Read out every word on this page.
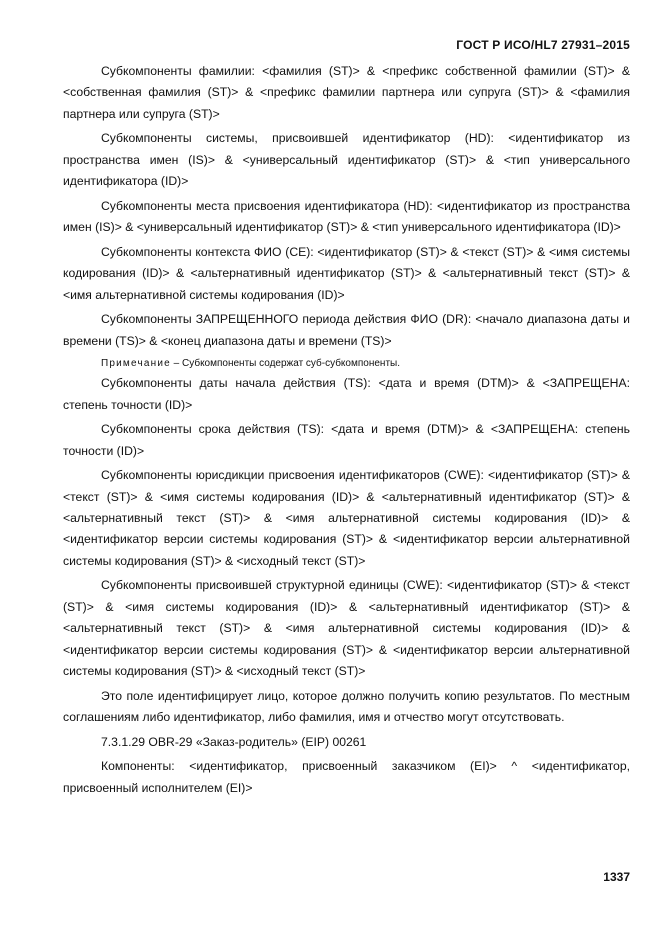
ГОСТ Р ИСО/HL7 27931–2015

Субкомпоненты фамилии: <фамилия (ST)> & <префикс собственной фамилии (ST)> & <собственная фамилия (ST)> & <префикс фамилии партнера или супруга (ST)> & <фамилия партнера или супруга (ST)>

Субкомпоненты системы, присвоившей идентификатор (HD): <идентификатор из пространства имен (IS)> & <универсальный идентификатор (ST)> & <тип универсального идентификатора (ID)>

Субкомпоненты места присвоения идентификатора (HD): <идентификатор из пространства имен (IS)> & <универсальный идентификатор (ST)> & <тип универсального идентификатора (ID)>

Субкомпоненты контекста ФИО (CE): <идентификатор (ST)> & <текст (ST)> & <имя системы кодирования (ID)> & <альтернативный идентификатор (ST)> & <альтернативный текст (ST)> & <имя альтернативной системы кодирования (ID)>

Субкомпоненты ЗАПРЕЩЕННОГО периода действия ФИО (DR): <начало диапазона даты и времени (TS)> & <конец диапазона даты и времени (TS)>

Примечание – Субкомпоненты содержат суб-субкомпоненты.

Субкомпоненты даты начала действия (TS): <дата и время (DTM)> & <ЗАПРЕЩЕНА: степень точности (ID)>

Субкомпоненты срока действия (TS): <дата и время (DTM)> & <ЗАПРЕЩЕНА: степень точности (ID)>

Субкомпоненты юрисдикции присвоения идентификаторов (CWE): <идентификатор (ST)> & <текст (ST)> & <имя системы кодирования (ID)> & <альтернативный идентификатор (ST)> & <альтернативный текст (ST)> & <имя альтернативной системы кодирования (ID)> & <идентификатор версии системы кодирования (ST)> & <идентификатор версии альтернативной системы кодирования (ST)> & <исходный текст (ST)>

Субкомпоненты присвоившей структурной единицы (CWE): <идентификатор (ST)> & <текст (ST)> & <имя системы кодирования (ID)> & <альтернативный идентификатор (ST)> & <альтернативный текст (ST)> & <имя альтернативной системы кодирования (ID)> & <идентификатор версии системы кодирования (ST)> & <идентификатор версии альтернативной системы кодирования (ST)> & <исходный текст (ST)>

Это поле идентифицирует лицо, которое должно получить копию результатов. По местным соглашениям либо идентификатор, либо фамилия, имя и отчество могут отсутствовать.

7.3.1.29 OBR-29 «Заказ-родитель» (EIP) 00261

Компоненты: <идентификатор, присвоенный заказчиком (EI)> ^ <идентификатор, присвоенный исполнителем (EI)>

1337
